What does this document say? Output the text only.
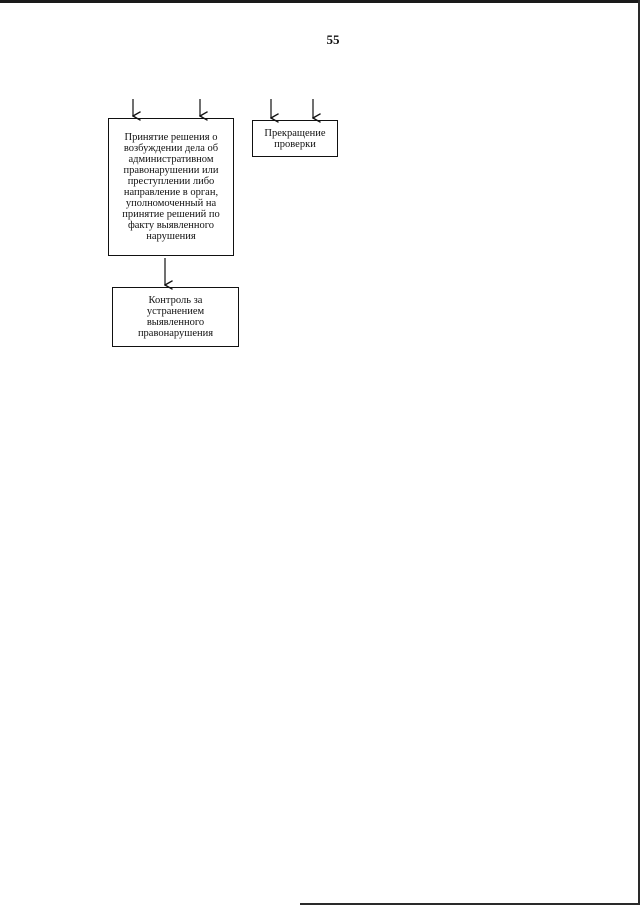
55
Принятие решения о
возбуждении дела об
административном
правонарушении или
преступлении либо
направление в орган,
уполномоченный на
принятие решений по
факту выявленного
нарушения
Прекращение
проверки
Контроль за
устранением
выявленного
правонарушения
